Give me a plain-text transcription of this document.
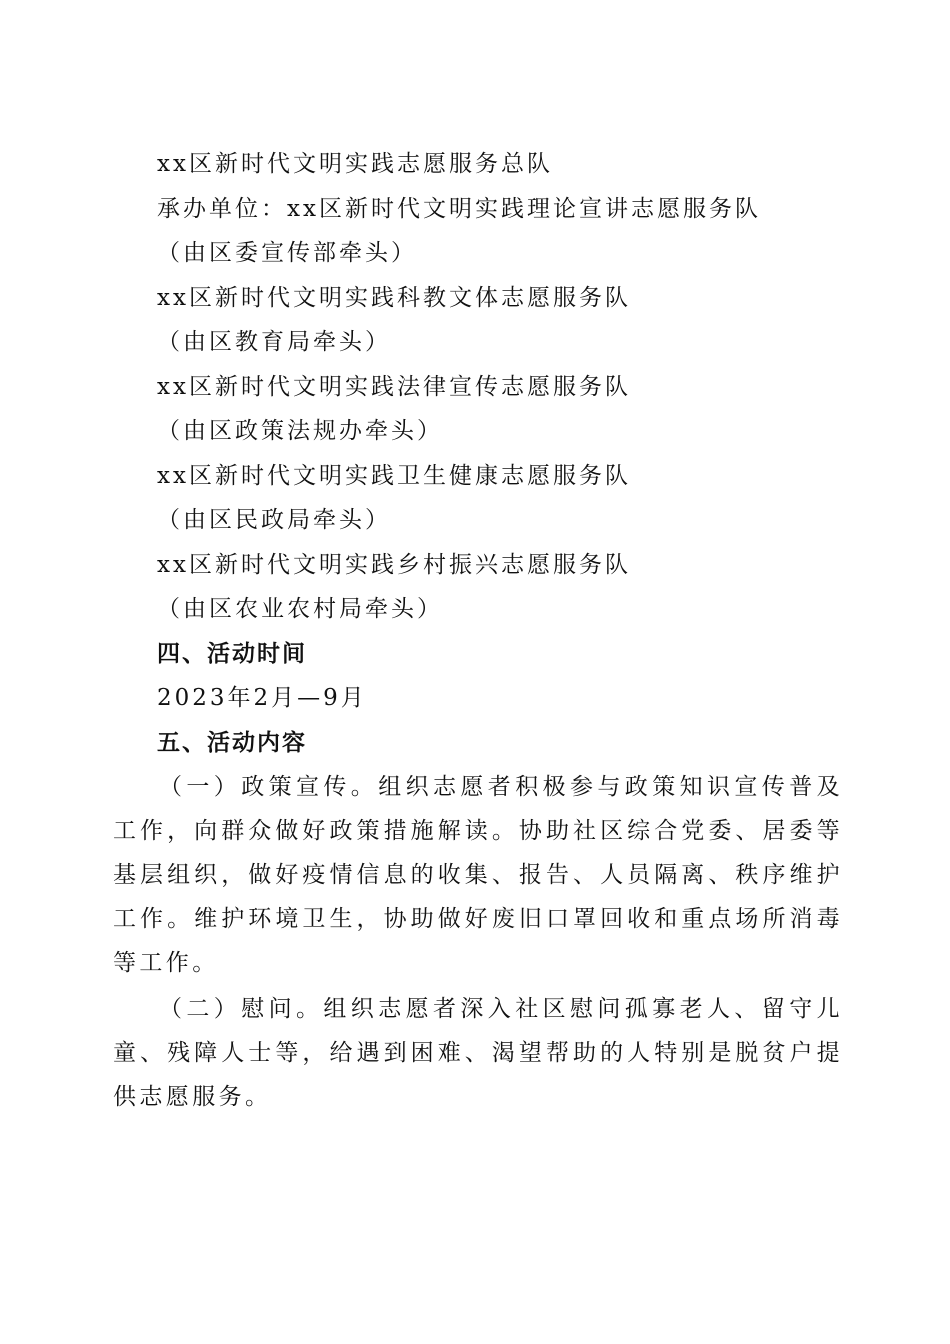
xx区新时代文明实践志愿服务总队
承办单位：xx区新时代文明实践理论宣讲志愿服务队
（由区委宣传部牵头）
xx区新时代文明实践科教文体志愿服务队
（由区教育局牵头）
xx区新时代文明实践法律宣传志愿服务队
（由区政策法规办牵头）
xx区新时代文明实践卫生健康志愿服务队
（由区民政局牵头）
xx区新时代文明实践乡村振兴志愿服务队
（由区农业农村局牵头）
四、活动时间
2023年2月—9月
五、活动内容

（一）政策宣传。组织志愿者积极参与政策知识宣传普及工作，向群众做好政策措施解读。协助社区综合党委、居委等基层组织，做好疫情信息的收集、报告、人员隔离、秩序维护工作。维护环境卫生，协助做好废旧口罩回收和重点场所消毒等工作。

（二）慰问。组织志愿者深入社区慰问孤寡老人、留守儿童、残障人士等，给遇到困难、渴望帮助的人特别是脱贫户提供志愿服务。
